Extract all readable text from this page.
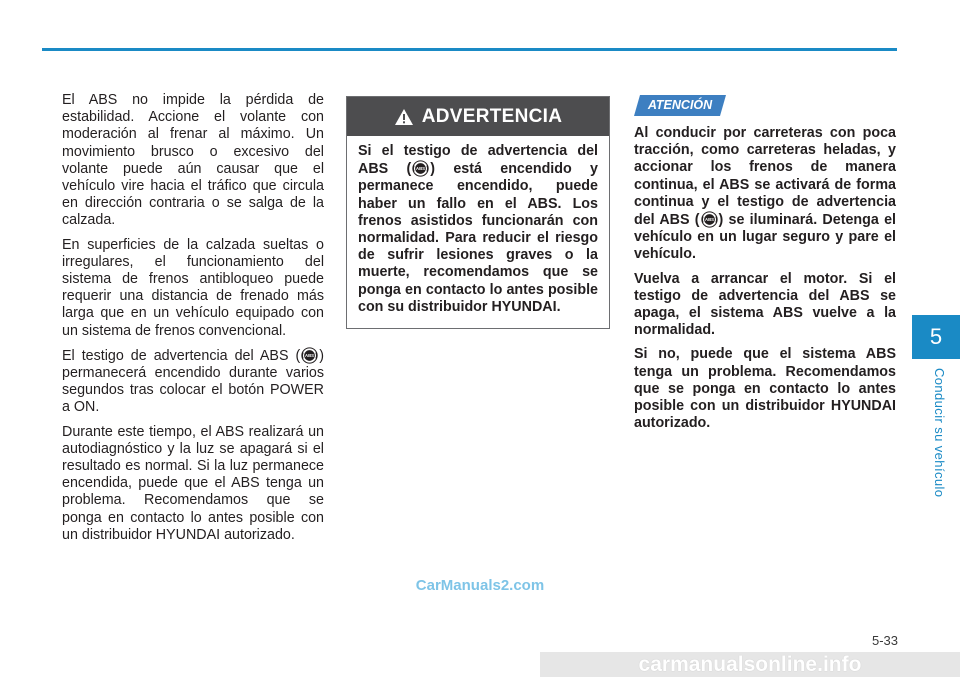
El ABS no impide la pérdida de estabilidad. Accione el volante con moderación al frenar al máximo. Un movimiento brusco o excesivo del volante puede aún causar que el vehículo vire hacia el tráfico que circula en dirección contraria o se salga de la calzada.

En superficies de la calzada sueltas o irregulares, el funcionamiento del sistema de frenos antibloqueo puede requerir una distancia de frenado más larga que en un vehículo equipado con un sistema de frenos convencional.

El testigo de advertencia del ABS ( ABS ) permanecerá encendido durante varios segundos tras colocar el botón POWER a ON.

Durante este tiempo, el ABS realizará un autodiagnóstico y la luz se apagará si el resultado es normal. Si la luz permanece encendida, puede que el ABS tenga un problema. Recomendamos que se ponga en contacto lo antes posible con un distribuidor HYUNDAI autorizado.

ADVERTENCIA
Si el testigo de advertencia del ABS ( ABS ) está encendido y permanece encendido, puede haber un fallo en el ABS. Los frenos asistidos funcionarán con normalidad. Para reducir el riesgo de sufrir lesiones graves o la muerte, recomendamos que se ponga en contacto lo antes posible con su distribuidor HYUNDAI.
ATENCIÓN

Al conducir por carreteras con poca tracción, como carreteras heladas, y accionar los frenos de manera continua, el ABS se activará de forma continua y el testigo de advertencia del ABS ( ABS ) se iluminará. Detenga el vehículo en un lugar seguro y pare el vehículo.

Vuelva a arrancar el motor. Si el testigo de advertencia del ABS se apaga, el sistema ABS vuelve a la normalidad.

Si no, puede que el sistema ABS tenga un problema. Recomendamos que se ponga en contacto lo antes posible con un distribuidor HYUNDAI autorizado.

5
Conducir su vehículo
CarManuals2.com
5-33
carmanualsonline.info
